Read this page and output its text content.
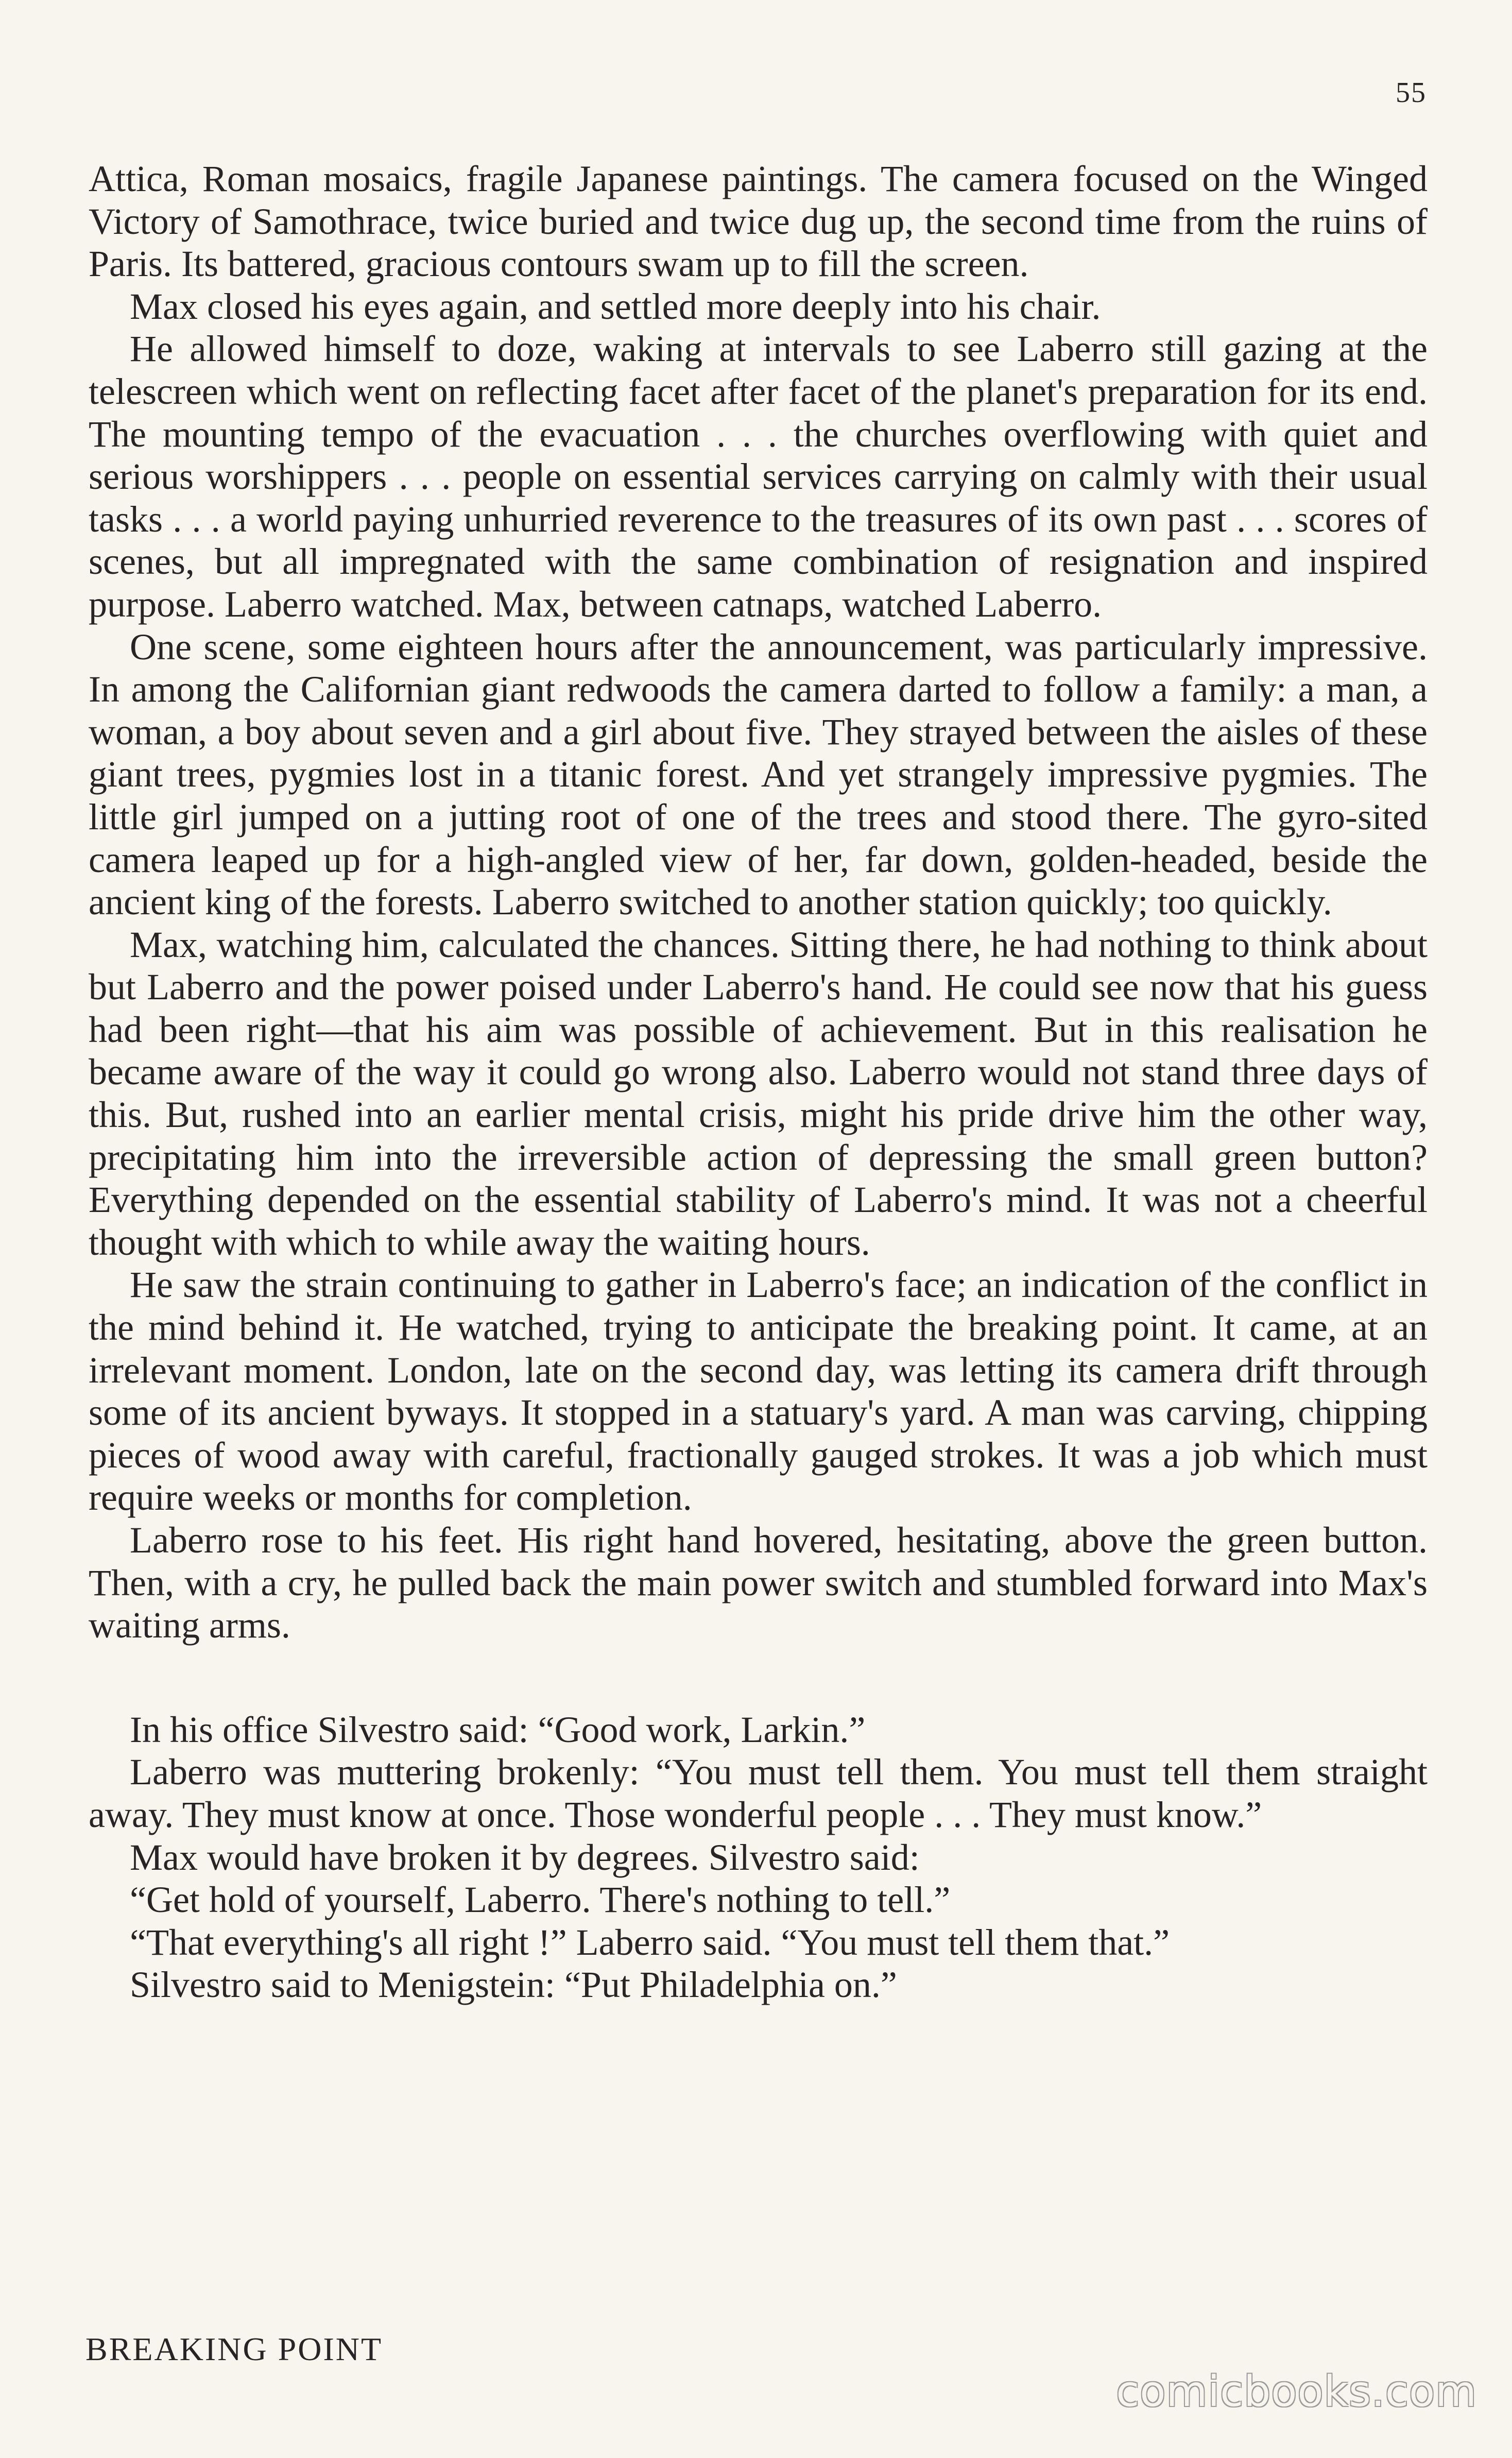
55

Attica, Roman mosaics, fragile Japanese paintings. The camera focused on the Winged Victory of Samothrace, twice buried and twice dug up, the second time from the ruins of Paris. Its battered, gracious contours swam up to fill the screen.

Max closed his eyes again, and settled more deeply into his chair.

He allowed himself to doze, waking at intervals to see Laberro still gazing at the telescreen which went on reflecting facet after facet of the planet's preparation for its end. The mounting tempo of the evacuation . . . the churches overflowing with quiet and serious worshippers . . . people on essential services carrying on calmly with their usual tasks . . . a world paying unhurried reverence to the treasures of its own past . . . scores of scenes, but all impregnated with the same combination of resignation and inspired purpose. Laberro watched. Max, between catnaps, watched Laberro.

One scene, some eighteen hours after the announcement, was particularly impressive. In among the Californian giant redwoods the camera darted to follow a family: a man, a woman, a boy about seven and a girl about five. They strayed between the aisles of these giant trees, pygmies lost in a titanic forest. And yet strangely impressive pygmies. The little girl jumped on a jutting root of one of the trees and stood there. The gyro-sited camera leaped up for a high-angled view of her, far down, golden-headed, beside the ancient king of the forests. Laberro switched to another station quickly; too quickly.

Max, watching him, calculated the chances. Sitting there, he had nothing to think about but Laberro and the power poised under Laberro's hand. He could see now that his guess had been right—that his aim was possible of achievement. But in this realisation he became aware of the way it could go wrong also. Laberro would not stand three days of this. But, rushed into an earlier mental crisis, might his pride drive him the other way, precipitating him into the irreversible action of depressing the small green button? Everything depended on the essential stability of Laberro's mind. It was not a cheerful thought with which to while away the waiting hours.

He saw the strain continuing to gather in Laberro's face; an indication of the conflict in the mind behind it. He watched, trying to anticipate the breaking point. It came, at an irrelevant moment. London, late on the second day, was letting its camera drift through some of its ancient byways. It stopped in a statuary's yard. A man was carving, chipping pieces of wood away with careful, fractionally gauged strokes. It was a job which must require weeks or months for completion.

Laberro rose to his feet. His right hand hovered, hesitating, above the green button. Then, with a cry, he pulled back the main power switch and stumbled forward into Max's waiting arms.

In his office Silvestro said: “Good work, Larkin.”

Laberro was muttering brokenly: “You must tell them. You must tell them straight away. They must know at once. Those wonderful people . . . They must know.”

Max would have broken it by degrees. Silvestro said:

“Get hold of yourself, Laberro. There's nothing to tell.”

“That everything's all right !” Laberro said. “You must tell them that.”

Silvestro said to Menigstein: “Put Philadelphia on.”

BREAKING POINT
comicbooks.com
